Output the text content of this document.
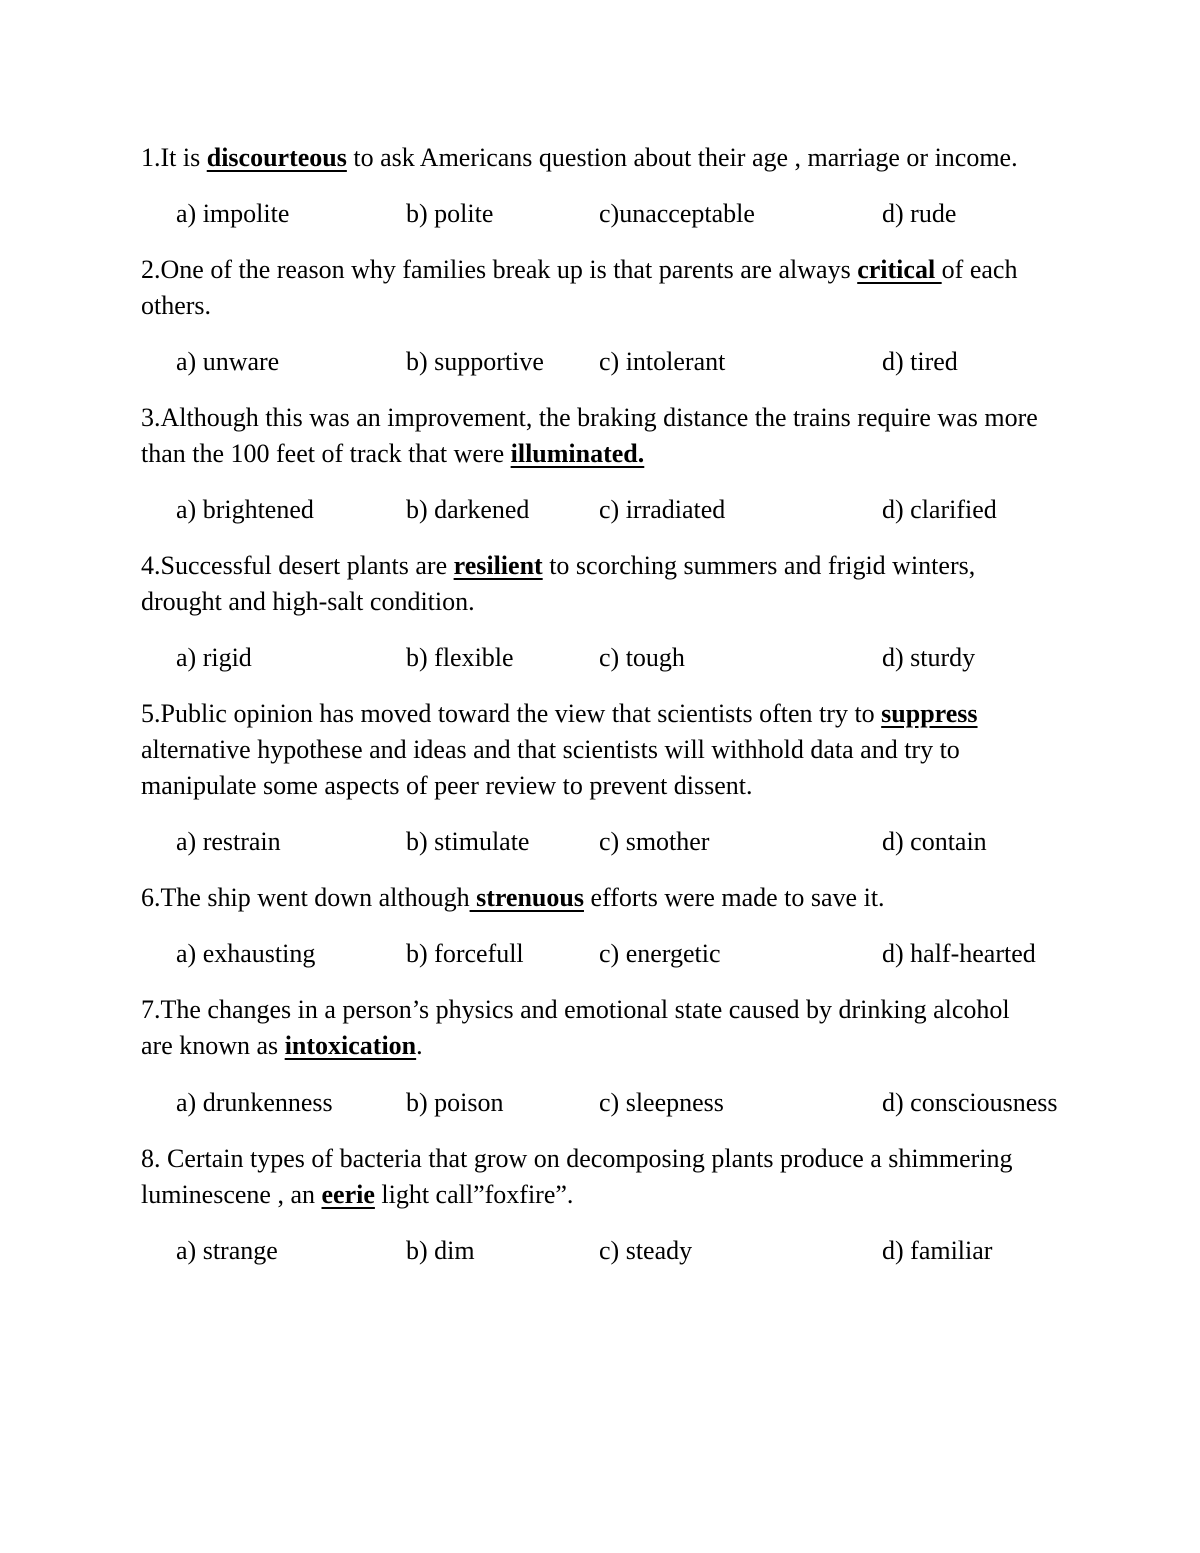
1.It is discourteous to ask Americans question about their age , marriage or income.
a) impolite	b) polite	c)unacceptable	d) rude
2.One of the reason why families break up is that parents are always critical of each
others.
a) unware	b) supportive c) intolerant	d) tired
3.Although this was an improvement, the braking distance the trains require was more
than the 100 feet of track that were illuminated.
a) brightened	b) darkened	c) irradiated	d) clarified
4.Successful desert plants are resilient to scorching summers and frigid winters,
drought and high-salt condition.
a) rigid	b) flexible	c) tough	d) sturdy
5.Public opinion has moved toward the view that scientists often try to suppress
alternative hypothese and ideas and that scientists will withhold data and try to
manipulate some aspects of peer review to prevent dissent.
a) restrain	b) stimulate	c) smother	d) contain
6.The ship went down although strenuous efforts were made to save it.
a) exhausting	b) forcefull	c) energetic	d) half-hearted
7.The changes in a person’s physics and emotional state caused by drinking alcohol
are known as intoxication.
a) drunkenness	b) poison	c) sleepness	d) consciousness
8. Certain types of bacteria that grow on decomposing plants produce a shimmering
luminescene , an eerie light call”foxfire”.
a) strange	b) dim	c) steady	d) familiar
